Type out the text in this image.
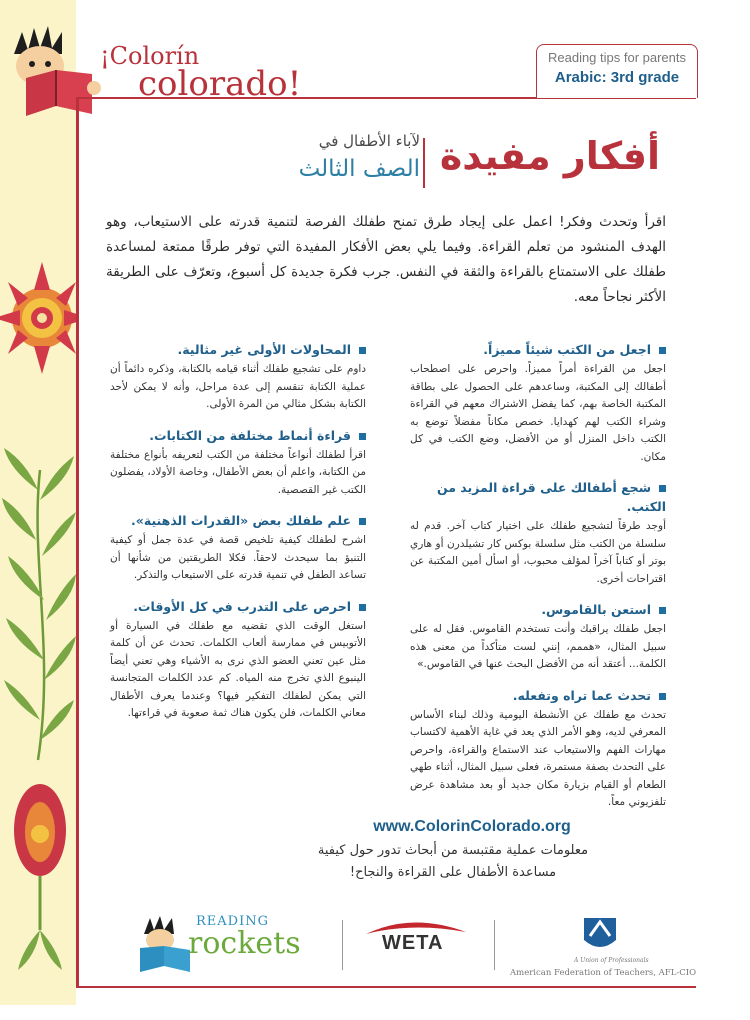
¡Colorín
colorado!
Reading tips for parents
Arabic: 3rd grade
أفكار مفيدة
لآباء الأطفال في
الصف الثالث

اقرأ وتحدث وفكر! اعمل على إيجاد طرق تمنح طفلك الفرصة لتنمية قدرته على الاستيعاب، وهو الهدف المنشود من تعلم القراءة. وفيما يلي بعض الأفكار المفيدة التي توفر طرقًا ممتعة لمساعدة طفلك على الاستمتاع بالقراءة والثقة في النفس. جرب فكرة جديدة كل أسبوع، وتعرّف على الطريقة الأكثر نجاحاً معه.

اجعل من الكتب شيئاً مميزاً.

اجعل من القراءة أمراً مميزاً. واحرص على اصطحاب أطفالك إلى المكتبة، وساعدهم على الحصول على بطاقة المكتبة الخاصة بهم، كما يفضل الاشتراك معهم في القراءة وشراء الكتب لهم كهدايا. خصص مكاناً مفضلاً توضع به الكتب داخل المنزل أو من الأفضل، وضع الكتب في كل مكان.

شجع أطفالك على قراءة المزيد من الكتب.

أوجد طرقاً لتشجيع طفلك على اختيار كتاب آخر. قدم له سلسلة من الكتب مثل سلسلة بوكس كار تشيلدرن أو هاري بوتر أو كتاباً آخراً لمؤلف محبوب، أو اسأل أمين المكتبة عن اقتراحات أخرى.

استعن بالقاموس.

اجعل طفلك يراقبك وأنت تستخدم القاموس. فقل له على سبيل المثال، «هممم، إنني لست متأكداً من معنى هذه الكلمة... أعتقد أنه من الأفضل البحث عنها في القاموس.»

تحدث عما تراه وتفعله.

تحدث مع طفلك عن الأنشطة اليومية وذلك لبناء الأساس المعرفي لديه، وهو الأمر الذي يعد في غاية الأهمية لاكتساب مهارات الفهم والاستيعاب عند الاستماع والقراءة، واحرص على التحدث بصفة مستمرة، فعلى سبيل المثال، أثناء طهي الطعام أو القيام بزيارة مكان جديد أو بعد مشاهدة عرض تلفزيوني معاً.

المحاولات الأولى غير مثالية.

داوم على تشجيع طفلك أثناء قيامه بالكتابة، وذكره دائماً أن عملية الكتابة تنقسم إلى عدة مراحل، وأنه لا يمكن لأحد الكتابة بشكل مثالي من المرة الأولى.

قراءة أنماط مختلفة من الكتابات.

اقرأ لطفلك أنواعاً مختلفة من الكتب لتعريفه بأنواع مختلفة من الكتابة، واعلم أن بعض الأطفال، وخاصة الأولاد، يفضلون الكتب غير القصصية.

علم طفلك بعض «القدرات الذهنية».

اشرح لطفلك كيفية تلخيص قصة في عدة جمل أو كيفية التنبؤ بما سيحدث لاحقاً. فكلا الطريقتين من شأنها أن تساعد الطفل في تنمية قدرته على الاستيعاب والتذكر.

احرص على التدرب في كل الأوقات.

استغل الوقت الذي تقضيه مع طفلك في السيارة أو الأتوبيس في ممارسة ألعاب الكلمات. تحدث عن أن كلمة مثل عين تعني العضو الذي نرى به الأشياء وهي تعني أيضاً الينبوع الذي تخرج منه المياه. كم عدد الكلمات المتجانسة التي يمكن لطفلك التفكير فيها؟ وعندما يعرف الأطفال معاني الكلمات، فلن يكون هناك ثمة صعوبة في قراءتها.

www.ColorinColorado.org

معلومات عملية مقتبسة من أبحاث تدور حول كيفية مساعدة الأطفال على القراءة والنجاح!

READING
rockets	WETA
A Union of Professionals
American Federation of Teachers, AFL-CIO
